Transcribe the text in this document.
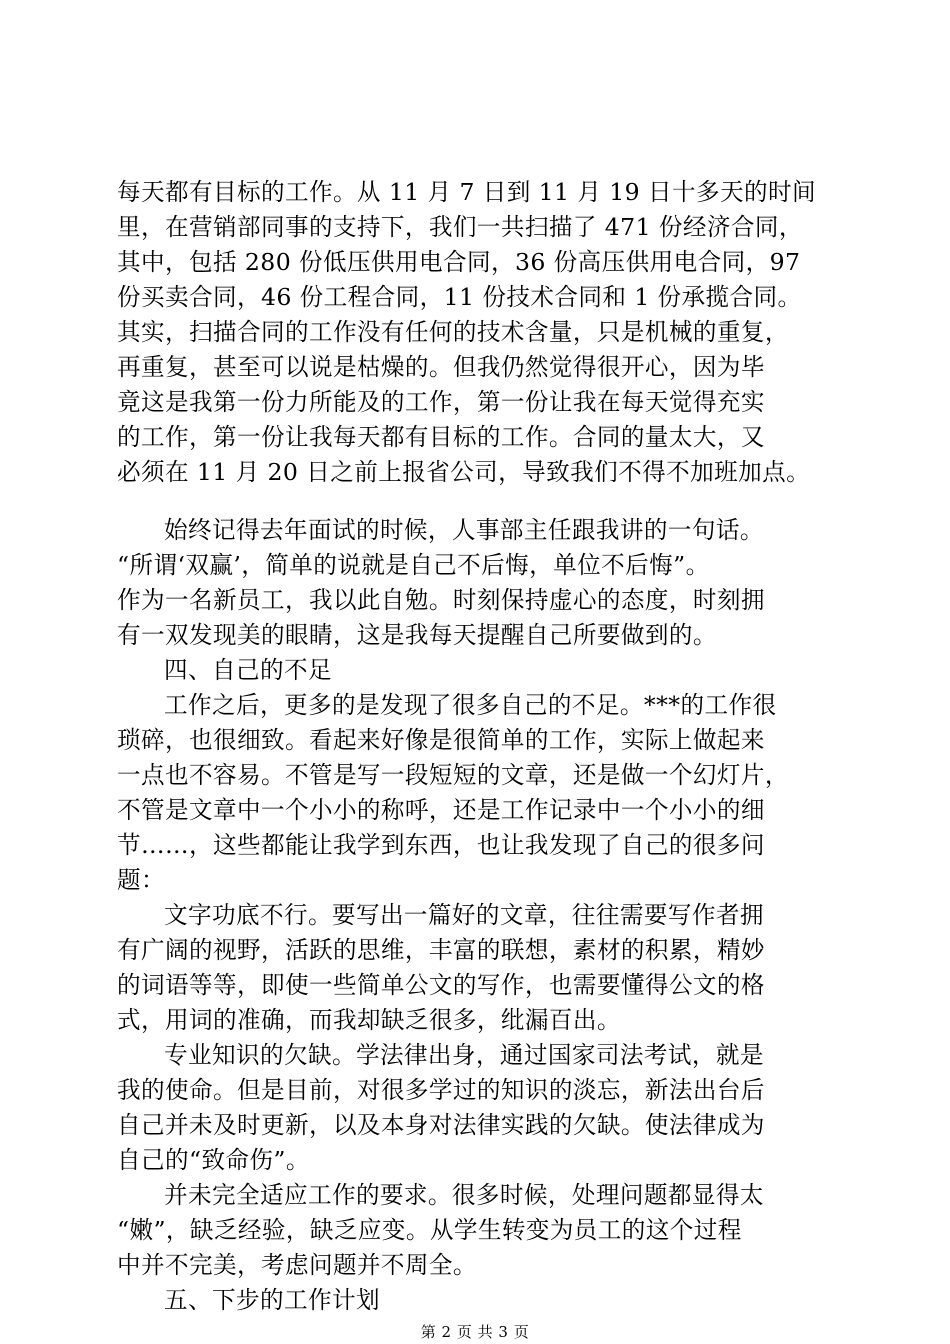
每天都有目标的工作。从 11 月 7 日到 11 月 19 日十多天的时间
里，在营销部同事的支持下，我们一共扫描了 471 份经济合同，
其中，包括 280 份低压供用电合同，36 份高压供用电合同，97
份买卖合同，46 份工程合同，11 份技术合同和 1 份承揽合同。
其实，扫描合同的工作没有任何的技术含量，只是机械的重复，
再重复，甚至可以说是枯燥的。但我仍然觉得很开心，因为毕
竟这是我第一份力所能及的工作，第一份让我在每天觉得充实
的工作，第一份让我每天都有目标的工作。合同的量太大，又
必须在 11 月 20 日之前上报省公司，导致我们不得不加班加点。
始终记得去年面试的时候，人事部主任跟我讲的一句话。
“所谓‘双赢’，简单的说就是自己不后悔，单位不后悔”。
作为一名新员工，我以此自勉。时刻保持虚心的态度，时刻拥
有一双发现美的眼睛，这是我每天提醒自己所要做到的。
四、自己的不足
工作之后，更多的是发现了很多自己的不足。***的工作很
琐碎，也很细致。看起来好像是很简单的工作，实际上做起来
一点也不容易。不管是写一段短短的文章，还是做一个幻灯片，
不管是文章中一个小小的称呼，还是工作记录中一个小小的细
节……，这些都能让我学到东西，也让我发现了自己的很多问
题：
文字功底不行。要写出一篇好的文章，往往需要写作者拥
有广阔的视野，活跃的思维，丰富的联想，素材的积累，精妙
的词语等等，即使一些简单公文的写作，也需要懂得公文的格
式，用词的准确，而我却缺乏很多，纰漏百出。
专业知识的欠缺。学法律出身，通过国家司法考试，就是
我的使命。但是目前，对很多学过的知识的淡忘，新法出台后
自己并未及时更新，以及本身对法律实践的欠缺。使法律成为
自己的“致命伤”。
并未完全适应工作的要求。很多时候，处理问题都显得太
“嫩”，缺乏经验，缺乏应变。从学生转变为员工的这个过程
中并不完美，考虑问题并不周全。
五、下步的工作计划
第 2 页 共 3 页
